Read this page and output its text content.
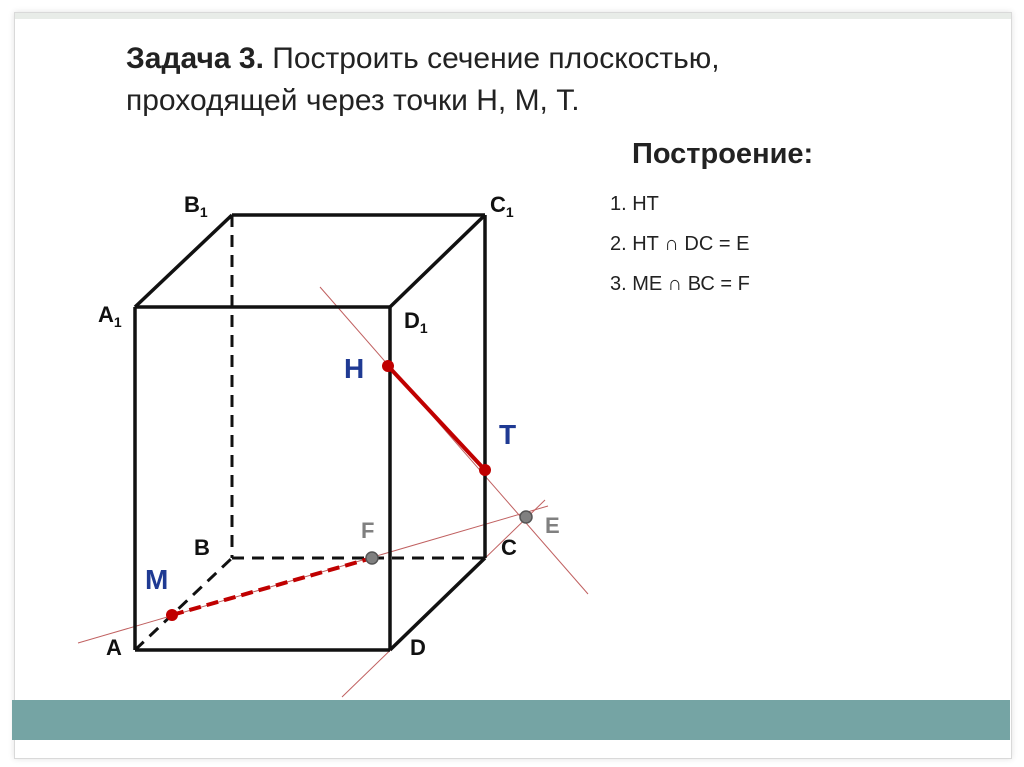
Задача 3. Построить сечение плоскостью, проходящей через точки Н, М, Т.
Построение:
1. НТ
2. НТ ∩ DC = E
3. МЕ ∩ ВС = F
$В_1$	$С_1$
$А_1$	$D_1$
В	С
А	D
Н
Т
М
F	E
